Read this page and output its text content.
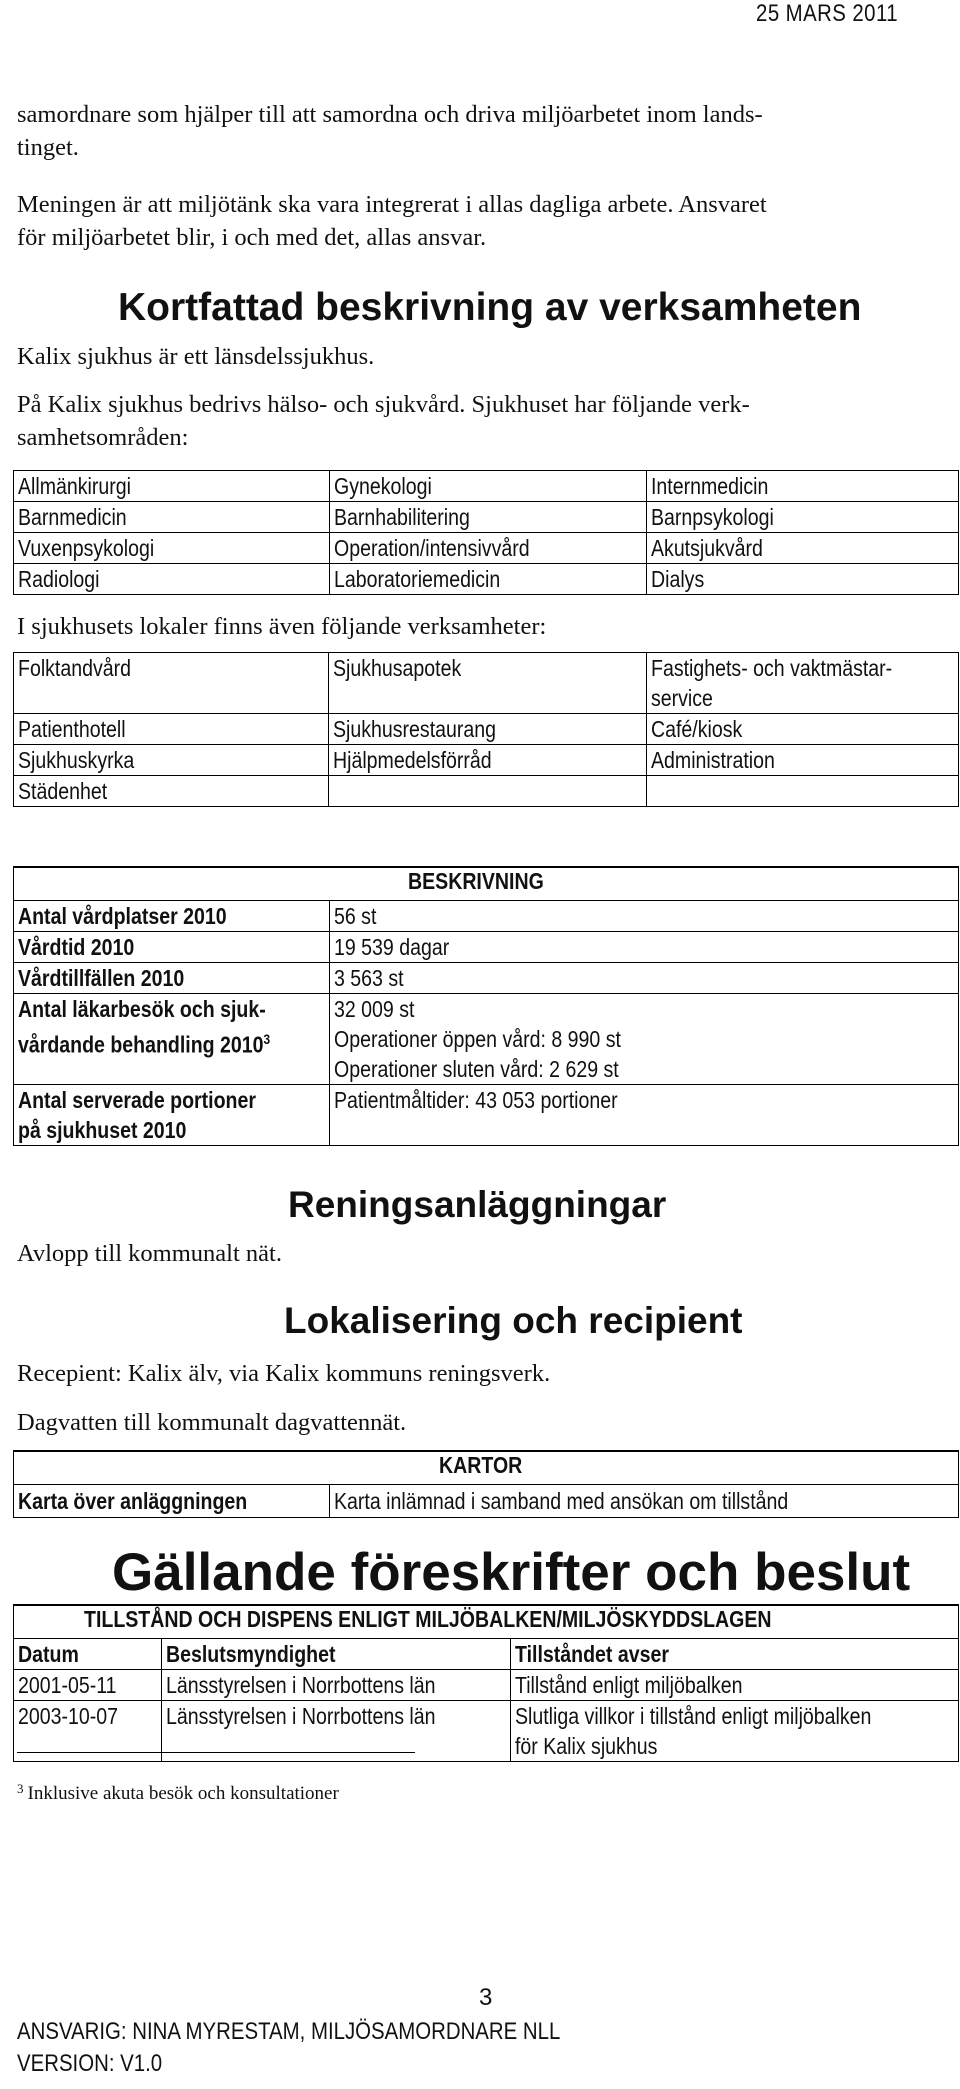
25 MARS 2011
samordnare som hjälper till att samordna och driva miljöarbetet inom lands-
tinget.
Meningen är att miljötänk ska vara integrerat i allas dagliga arbete. Ansvaret
för miljöarbetet blir, i och med det, allas ansvar.
Kortfattad beskrivning av verksamheten
Kalix sjukhus är ett länsdelssjukhus.
På Kalix sjukhus bedrivs hälso- och sjukvård. Sjukhuset har följande verk-
samhetsområden:
Allmänkirurgi	Gynekologi	Internmedicin
Barnmedicin	Barnhabilitering	Barnpsykologi
Vuxenpsykologi	Operation/intensivvård	Akutsjukvård
Radiologi	Laboratoriemedicin	Dialys
I sjukhusets lokaler finns även följande verksamheter:
Folktandvård	Sjukhusapotek	Fastighets- och vaktmästar-
service
Patienthotell	Sjukhusrestaurang	Café/kiosk
Sjukhuskyrka	Hjälpmedelsförråd	Administration
Städenhet		
BESKRIVNING	
Antal vårdplatser 2010	56 st
Vårdtid 2010	19 539 dagar
Vårdtillfällen 2010	3 563 st
Antal läkarbesök och sjuk-
vårdande behandling 2010$^3$	32 009 st
Operationer öppen vård: 8 990 st
Operationer sluten vård: 2 629 st
Antal serverade portioner
på sjukhuset 2010	Patientmåltider: 43 053 portioner
Reningsanläggningar
Avlopp till kommunalt nät.
Lokalisering och recipient
Recepient: Kalix älv, via Kalix kommuns reningsverk.
Dagvatten till kommunalt dagvattennät.
KARTOR
Karta över anläggningen	Karta inlämnad i samband med ansökan om tillstånd
Gällande föreskrifter och beslut
TILLSTÅND OCH DISPENS ENLIGT MILJÖBALKEN/MILJÖSKYDDSLAGEN		
Datum	Beslutsmyndighet	Tillståndet avser
2001-05-11	Länsstyrelsen i Norrbottens län	Tillstånd enligt miljöbalken
2003-10-07	Länsstyrelsen i Norrbottens län	Slutliga villkor i tillstånd enligt miljöbalken
för Kalix sjukhus
$^3$ Inklusive akuta besök och konsultationer
3
ANSVARIG: NINA MYRESTAM, MILJÖSAMORDNARE NLL
VERSION: V1.0
